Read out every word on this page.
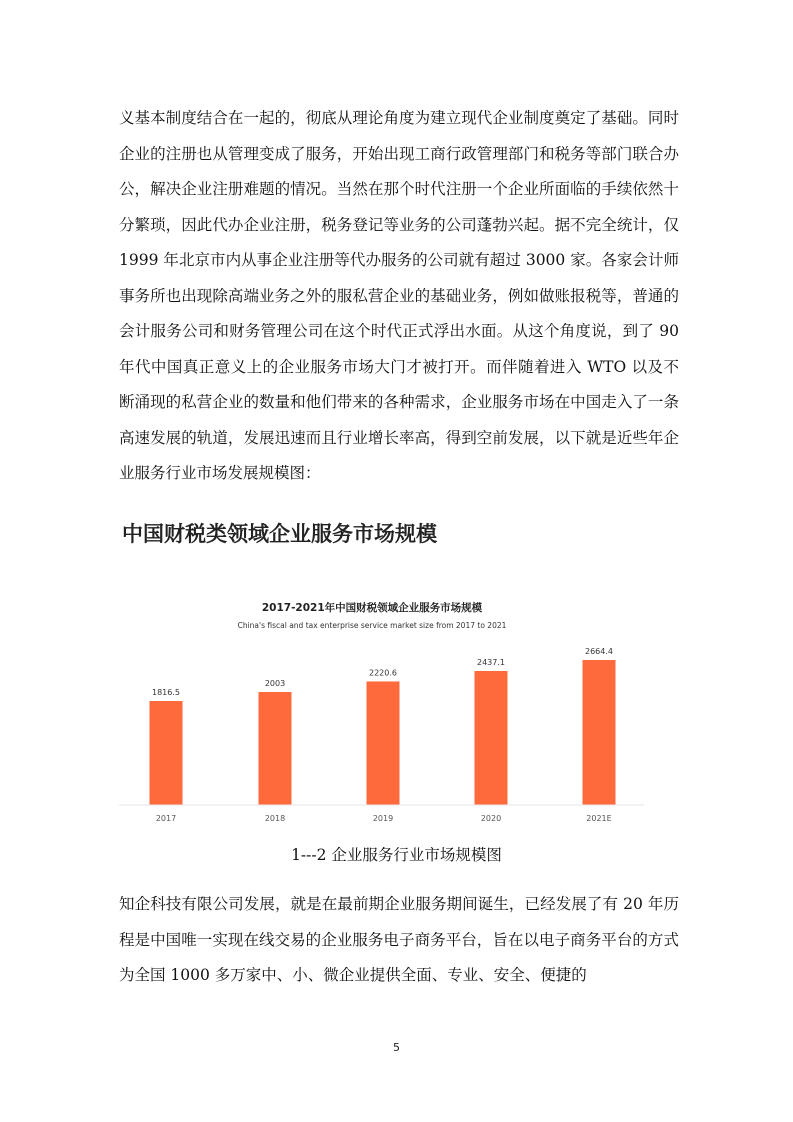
义基本制度结合在一起的，彻底从理论角度为建立现代企业制度奠定了基础。同时企业的注册也从管理变成了服务，开始出现工商行政管理部门和税务等部门联合办公，解决企业注册难题的情况。当然在那个时代注册一个企业所面临的手续依然十分繁琐，因此代办企业注册，税务登记等业务的公司蓬勃兴起。据不完全统计，仅 1999 年北京市内从事企业注册等代办服务的公司就有超过 3000 家。各家会计师事务所也出现除高端业务之外的服私营企业的基础业务，例如做账报税等，普通的会计服务公司和财务管理公司在这个时代正式浮出水面。从这个角度说，到了 90 年代中国真正意义上的企业服务市场大门才被打开。而伴随着进入 WTO 以及不断涌现的私营企业的数量和他们带来的各种需求，企业服务市场在中国走入了一条高速发展的轨道，发展迅速而且行业增长率高，得到空前发展，以下就是近些年企业服务行业市场发展规模图：

中国财税类领域企业服务市场规模
2017-2021年中国财税领域企业服务市场规模
China's fiscal and tax enterprise service market size from 2017 to 2021
1816.5
2017
2003
2018
2220.6
2019
2437.1
2020
2664.4
2021E
1---2 企业服务行业市场规模图

知企科技有限公司发展，就是在最前期企业服务期间诞生，已经发展了有 20 年历程是中国唯一实现在线交易的企业服务电子商务平台，旨在以电子商务平台的方式为全国 1000 多万家中、小、微企业提供全面、专业、安全、便捷的

5
